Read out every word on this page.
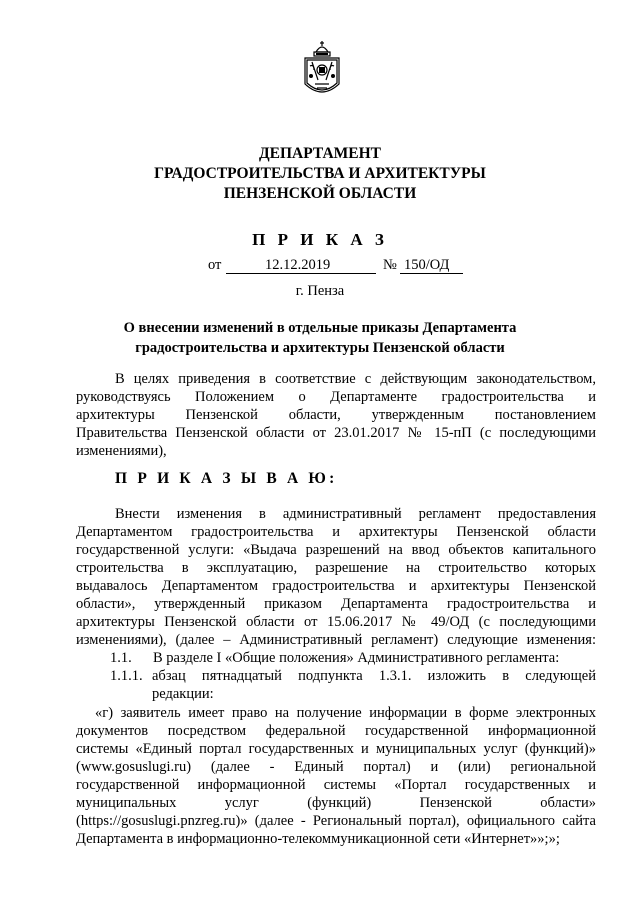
ДЕПАРТАМЕНТ
ГРАДОСТРОИТЕЛЬСТВА И АРХИТЕКТУРЫ
ПЕНЗЕНСКОЙ ОБЛАСТИ
П Р И К А З
от	12.12.2019	№ 150/ОД
г. Пенза
О внесении изменений в отдельные приказы Департамента
градостроительства и архитектуры Пензенской области
В целях приведения в соответствие с действующим законодательством,
руководствуясь Положением о Департаменте градостроительства и
архитектуры Пензенской области, утвержденным постановлением
Правительства Пензенской области от 23.01.2017 № 15-пП (с последующими
изменениями),
П Р И К А З Ы В А Ю:
Внести изменения в административный регламент предоставления
Департаментом градостроительства и архитектуры Пензенской области
государственной услуги: «Выдача разрешений на ввод объектов капитального
строительства в эксплуатацию, разрешение на строительство которых
выдавалось Департаментом градостроительства и архитектуры Пензенской
области», утвержденный приказом Департамента градостроительства и
архитектуры Пензенской области от 15.06.2017 № 49/ОД (с последующими
изменениями), (далее – Административный регламент) следующие изменения:
1.1.	В разделе I «Общие положения» Административного регламента:
1.1.1. абзац пятнадцатый подпункта 1.3.1. изложить в следующей
редакции:
«г) заявитель имеет право на получение информации в форме электронных
документов посредством федеральной государственной информационной
системы «Единый портал государственных и муниципальных услуг (функций)»
(www.gosuslugi.ru) (далее - Единый портал) и (или) региональной
государственной информационной системы «Портал государственных и
муниципальных услуг (функций) Пензенской области»
(https://gosuslugi.pnzreg.ru)» (далее - Региональный портал), официального сайта
Департамента в информационно-телекоммуникационной сети «Интернет»»;»;
